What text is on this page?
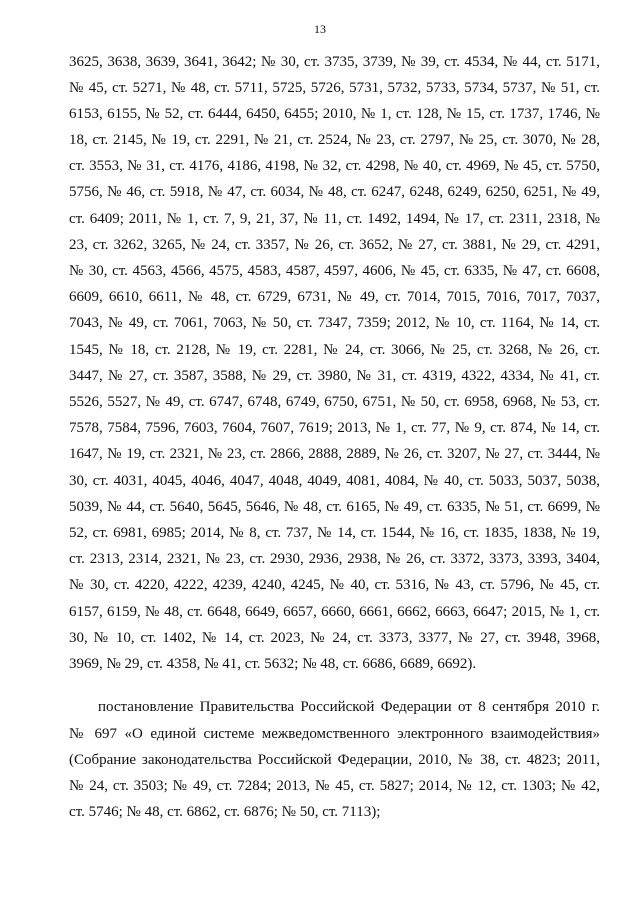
13
3625, 3638, 3639, 3641, 3642; № 30, ст. 3735, 3739, № 39, ст. 4534, № 44, ст. 5171,
№ 45, ст. 5271, № 48, ст. 5711, 5725, 5726, 5731, 5732, 5733, 5734, 5737, № 51, ст.
6153, 6155, № 52, ст. 6444, 6450, 6455; 2010, № 1, ст. 128, № 15, ст. 1737, 1746, №
18, ст. 2145, № 19, ст. 2291, № 21, ст. 2524, № 23, ст. 2797, № 25, ст. 3070, № 28,
ст. 3553, № 31, ст. 4176, 4186, 4198, № 32, ст. 4298, № 40, ст. 4969, № 45, ст. 5750,
5756, № 46, ст. 5918, № 47, ст. 6034, № 48, ст. 6247, 6248, 6249, 6250, 6251, № 49,
ст. 6409; 2011, № 1, ст. 7, 9, 21, 37, № 11, ст. 1492, 1494, № 17, ст. 2311, 2318, №
23, ст. 3262, 3265, № 24, ст. 3357, № 26, ст. 3652, № 27, ст. 3881, № 29, ст. 4291,
№ 30, ст. 4563, 4566, 4575, 4583, 4587, 4597, 4606, № 45, ст. 6335, № 47, ст. 6608,
6609, 6610, 6611, № 48, ст. 6729, 6731, № 49, ст. 7014, 7015, 7016, 7017, 7037,
7043, № 49, ст. 7061, 7063, № 50, ст. 7347, 7359; 2012, № 10, ст. 1164, № 14, ст.
1545, № 18, ст. 2128, № 19, ст. 2281, № 24, ст. 3066, № 25, ст. 3268, № 26, ст.
3447, № 27, ст. 3587, 3588, № 29, ст. 3980, № 31, ст. 4319, 4322, 4334, № 41, ст.
5526, 5527, № 49, ст. 6747, 6748, 6749, 6750, 6751, № 50, ст. 6958, 6968, № 53, ст.
7578, 7584, 7596, 7603, 7604, 7607, 7619; 2013, № 1, ст. 77, № 9, ст. 874, № 14, ст.
1647, № 19, ст. 2321, № 23, ст. 2866, 2888, 2889, № 26, ст. 3207, № 27, ст. 3444, №
30, ст. 4031, 4045, 4046, 4047, 4048, 4049, 4081, 4084, № 40, ст. 5033, 5037, 5038,
5039, № 44, ст. 5640, 5645, 5646, № 48, ст. 6165, № 49, ст. 6335, № 51, ст. 6699, №
52, ст. 6981, 6985; 2014, № 8, ст. 737, № 14, ст. 1544, № 16, ст. 1835, 1838, № 19,
ст. 2313, 2314, 2321, № 23, ст. 2930, 2936, 2938, № 26, ст. 3372, 3373, 3393, 3404,
№ 30, ст. 4220, 4222, 4239, 4240, 4245, № 40, ст. 5316, № 43, ст. 5796, № 45, ст.
6157, 6159, № 48, ст. 6648, 6649, 6657, 6660, 6661, 6662, 6663, 6647; 2015, № 1, ст.
30, № 10, ст. 1402, № 14, ст. 2023, № 24, ст. 3373, 3377, № 27, ст. 3948, 3968,
3969, № 29, ст. 4358, № 41, ст. 5632; № 48, ст. 6686, 6689, 6692).
постановление Правительства Российской Федерации от 8 сентября 2010 г.
№ 697 «О единой системе межведомственного электронного взаимодействия»
(Собрание законодательства Российской Федерации, 2010, № 38, ст. 4823; 2011,
№ 24, ст. 3503; № 49, ст. 7284; 2013, № 45, ст. 5827; 2014, № 12, ст. 1303; № 42,
ст. 5746; № 48, ст. 6862, ст. 6876; № 50, ст. 7113);
